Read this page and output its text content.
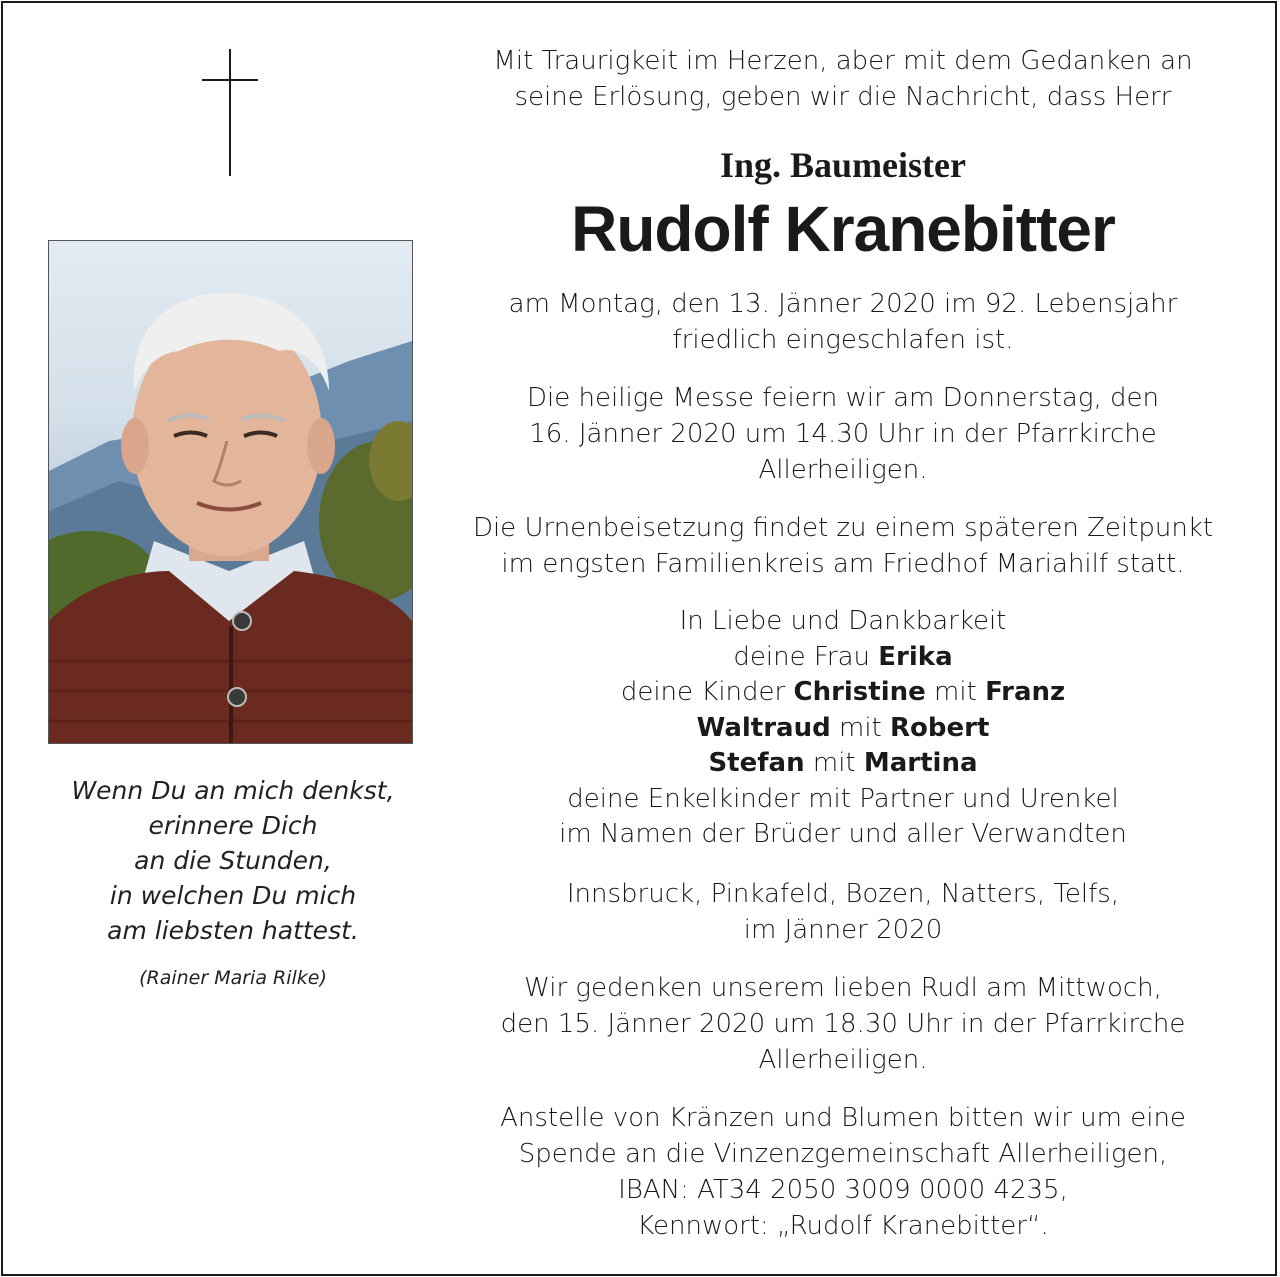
Wenn Du an mich denkst,
erinnere Dich
an die Stunden,
in welchen Du mich
am liebsten hattest.
(Rainer Maria Rilke)
Mit Traurigkeit im Herzen, aber mit dem Gedanken an
seine Erlösung, geben wir die Nachricht, dass Herr
Ing. Baumeister
Rudolf Kranebitter
am Montag, den 13. Jänner 2020 im 92. Lebensjahr
friedlich eingeschlafen ist.
Die heilige Messe feiern wir am Donnerstag, den
16. Jänner 2020 um 14.30 Uhr in der Pfarrkirche
Allerheiligen.
Die Urnenbeisetzung findet zu einem späteren Zeitpunkt
im engsten Familienkreis am Friedhof Mariahilf statt.
In Liebe und Dankbarkeit
deine Frau Erika
deine Kinder Christine mit Franz
Waltraud mit Robert
Stefan mit Martina
deine Enkelkinder mit Partner und Urenkel
im Namen der Brüder und aller Verwandten
Innsbruck, Pinkafeld, Bozen, Natters, Telfs,
im Jänner 2020
Wir gedenken unserem lieben Rudl am Mittwoch,
den 15. Jänner 2020 um 18.30 Uhr in der Pfarrkirche
Allerheiligen.
Anstelle von Kränzen und Blumen bitten wir um eine
Spende an die Vinzenzgemeinschaft Allerheiligen,
IBAN: AT34 2050 3009 0000 4235,
Kennwort: „Rudolf Kranebitter“.
